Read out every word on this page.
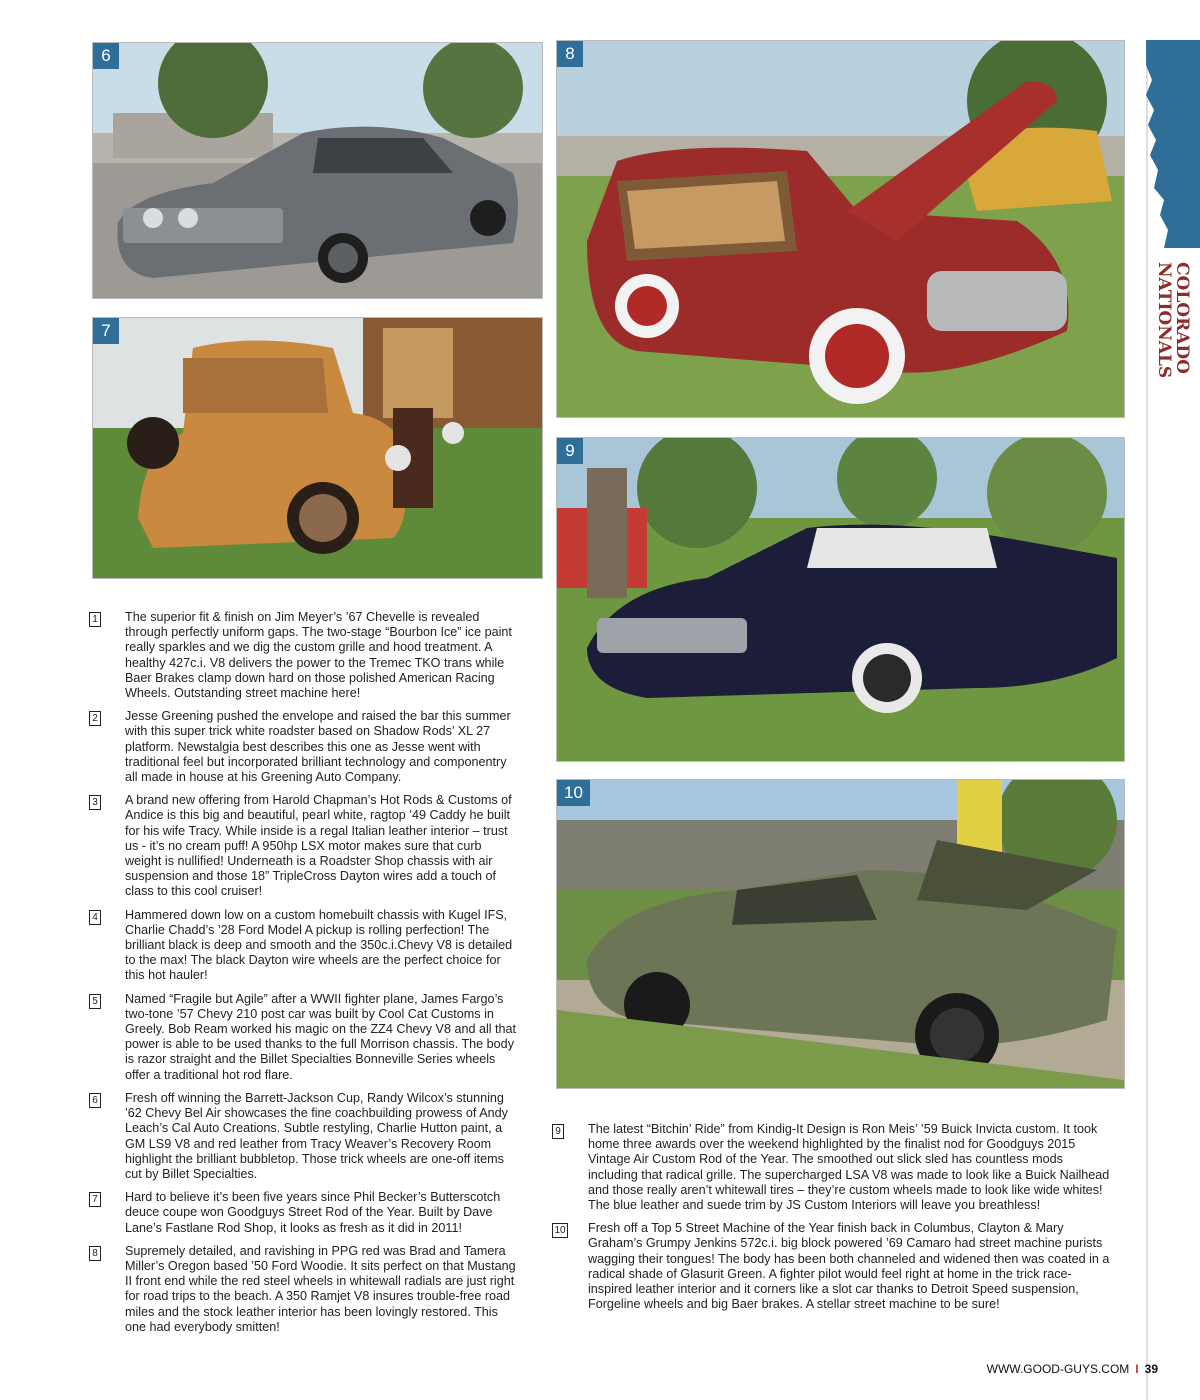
6
7
8
9
10
COLORADO NATIONALS
1 The superior fit & finish on Jim Meyer’s ’67 Chevelle is revealed through perfectly uniform gaps. The two-stage “Bourbon Ice” ice paint really sparkles and we dig the custom grille and hood treatment. A healthy 427c.i. V8 delivers the power to the Tremec TKO trans while Baer Brakes clamp down hard on those polished American Racing Wheels. Outstanding street machine here!
2 Jesse Greening pushed the envelope and raised the bar this summer with this super trick white roadster based on Shadow Rods’ XL 27 platform. Newstalgia best describes this one as Jesse went with traditional feel but incorporated brilliant technology and componentry all made in house at his Greening Auto Company.
3 A brand new offering from Harold Chapman’s Hot Rods & Customs of Andice is this big and beautiful, pearl white, ragtop ’49 Caddy he built for his wife Tracy. While inside is a regal Italian leather interior – trust us - it’s no cream puff! A 950hp LSX motor makes sure that curb weight is nullified! Underneath is a Roadster Shop chassis with air suspension and those 18” TripleCross Dayton wires add a touch of class to this cool cruiser!
4 Hammered down low on a custom homebuilt chassis with Kugel IFS, Charlie Chadd’s ’28 Ford Model A pickup is rolling perfection! The brilliant black is deep and smooth and the 350c.i.Chevy V8 is detailed to the max! The black Dayton wire wheels are the perfect choice for this hot hauler!
5 Named “Fragile but Agile” after a WWII fighter plane, James Fargo’s two-tone ’57 Chevy 210 post car was built by Cool Cat Customs in Greely. Bob Ream worked his magic on the ZZ4 Chevy V8 and all that power is able to be used thanks to the full Morrison chassis. The body is razor straight and the Billet Specialties Bonneville Series wheels offer a traditional hot rod flare.
6 Fresh off winning the Barrett-Jackson Cup, Randy Wilcox’s stunning ’62 Chevy Bel Air showcases the fine coachbuilding prowess of Andy Leach’s Cal Auto Creations. Subtle restyling, Charlie Hutton paint, a GM LS9 V8 and red leather from Tracy Weaver’s Recovery Room highlight the brilliant bubbletop. Those trick wheels are one-off items cut by Billet Specialties.
7 Hard to believe it’s been five years since Phil Becker’s Butterscotch deuce coupe won Goodguys Street Rod of the Year. Built by Dave Lane’s Fastlane Rod Shop, it looks as fresh as it did in 2011!
8 Supremely detailed, and ravishing in PPG red was Brad and Tamera Miller’s Oregon based ’50 Ford Woodie. It sits perfect on that Mustang II front end while the red steel wheels in whitewall radials are just right for road trips to the beach. A 350 Ramjet V8 insures trouble-free road miles and the stock leather interior has been lovingly restored. This one had everybody smitten!
9 The latest “Bitchin’ Ride” from Kindig-It Design is Ron Meis’ ’59 Buick Invicta custom. It took home three awards over the weekend highlighted by the finalist nod for Goodguys 2015 Vintage Air Custom Rod of the Year. The smoothed out slick sled has countless mods including that radical grille. The supercharged LSA V8 was made to look like a Buick Nailhead and those really aren’t whitewall tires – they’re custom wheels made to look like wide whites! The blue leather and suede trim by JS Custom Interiors will leave you breathless!
10 Fresh off a Top 5 Street Machine of the Year finish back in Columbus, Clayton & Mary Graham’s Grumpy Jenkins 572c.i. big block powered ’69 Camaro had street machine purists wagging their tongues! The body has been both channeled and widened then was coated in a radical shade of Glasurit Green. A fighter pilot would feel right at home in the trick race-inspired leather interior and it corners like a slot car thanks to Detroit Speed suspension, Forgeline wheels and big Baer brakes. A stellar street machine to be sure!
WWW.GOOD-GUYS.COM I 39
